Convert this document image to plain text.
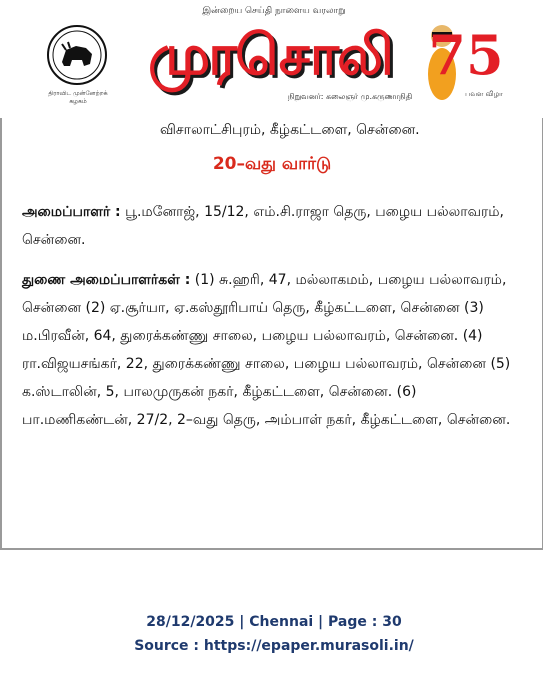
இன்றைய செய்தி நாளைய வரலாறு
திராவிட முன்னேற்றக் கழகம்
முரசொலி
நிறுவனர்: கலைஞர் மு.கருணாநிதி
75
பவள விழா
விசாலாட்சிபுரம், கீழ்கட்டளை, சென்னை.
20–வது வார்டு

அமைப்பாளர் : பூ.மனோஜ், 15/12, எம்.சி.ராஜா தெரு, பழைய பல்லாவரம், சென்னை.

துணை அமைப்பாளர்கள் : (1) சு.ஹரி, 47, மல்லாகமம், பழைய பல்லாவரம், சென்னை (2) ஏ.சூர்யா, ஏ.கஸ்தூரிபாய் தெரு, கீழ்கட்டளை, சென்னை (3) ம.பிரவீன், 64, துரைக்கண்ணு சாலை, பழைய பல்லாவரம், சென்னை. (4) ரா.விஜயசங்கர், 22, துரைக்கண்ணு சாலை, பழைய பல்லாவரம், சென்னை (5) க.ஸ்டாலின், 5, பாலமுருகன் நகர், கீழ்கட்டளை, சென்னை. (6) பா.மணிகண்டன், 27/2, 2–வது தெரு, அம்பாள் நகர், கீழ்கட்டளை, சென்னை.

28/12/2025 | Chennai | Page : 30
Source : https://epaper.murasoli.in/
